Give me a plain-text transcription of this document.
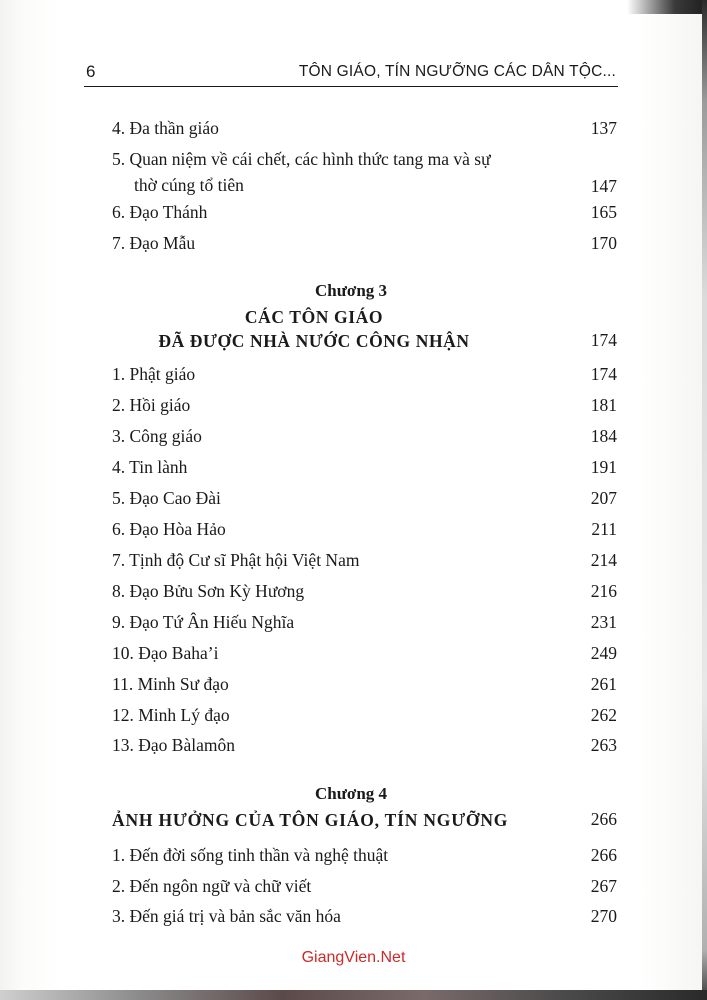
6	TÔN GIÁO, TÍN NGƯỠNG CÁC DÂN TỘC...
4. Đa thần giáo	137
5. Quan niệm về cái chết, các hình thức tang ma và sự
thờ cúng tổ tiên	147
6. Đạo Thánh	165
7. Đạo Mẫu	170
Chương 3
CÁC TÔN GIÁO
ĐÃ ĐƯỢC NHÀ NƯỚC CÔNG NHẬN	174
1. Phật giáo	174
2. Hồi giáo	181
3. Công giáo	184
4. Tin lành	191
5. Đạo Cao Đài	207
6. Đạo Hòa Hảo	211
7. Tịnh độ Cư sĩ Phật hội Việt Nam	214
8. Đạo Bửu Sơn Kỳ Hương	216
9. Đạo Tứ Ân Hiếu Nghĩa	231
10. Đạo Baha’i	249
11. Minh Sư đạo	261
12. Minh Lý đạo	262
13. Đạo Bàlamôn	263
Chương 4
ẢNH HƯỞNG CỦA TÔN GIÁO, TÍN NGƯỠNG	266
1. Đến đời sống tinh thần và nghệ thuật	266
2. Đến ngôn ngữ và chữ viết	267
3. Đến giá trị và bản sắc văn hóa	270
GiangVien.Net
